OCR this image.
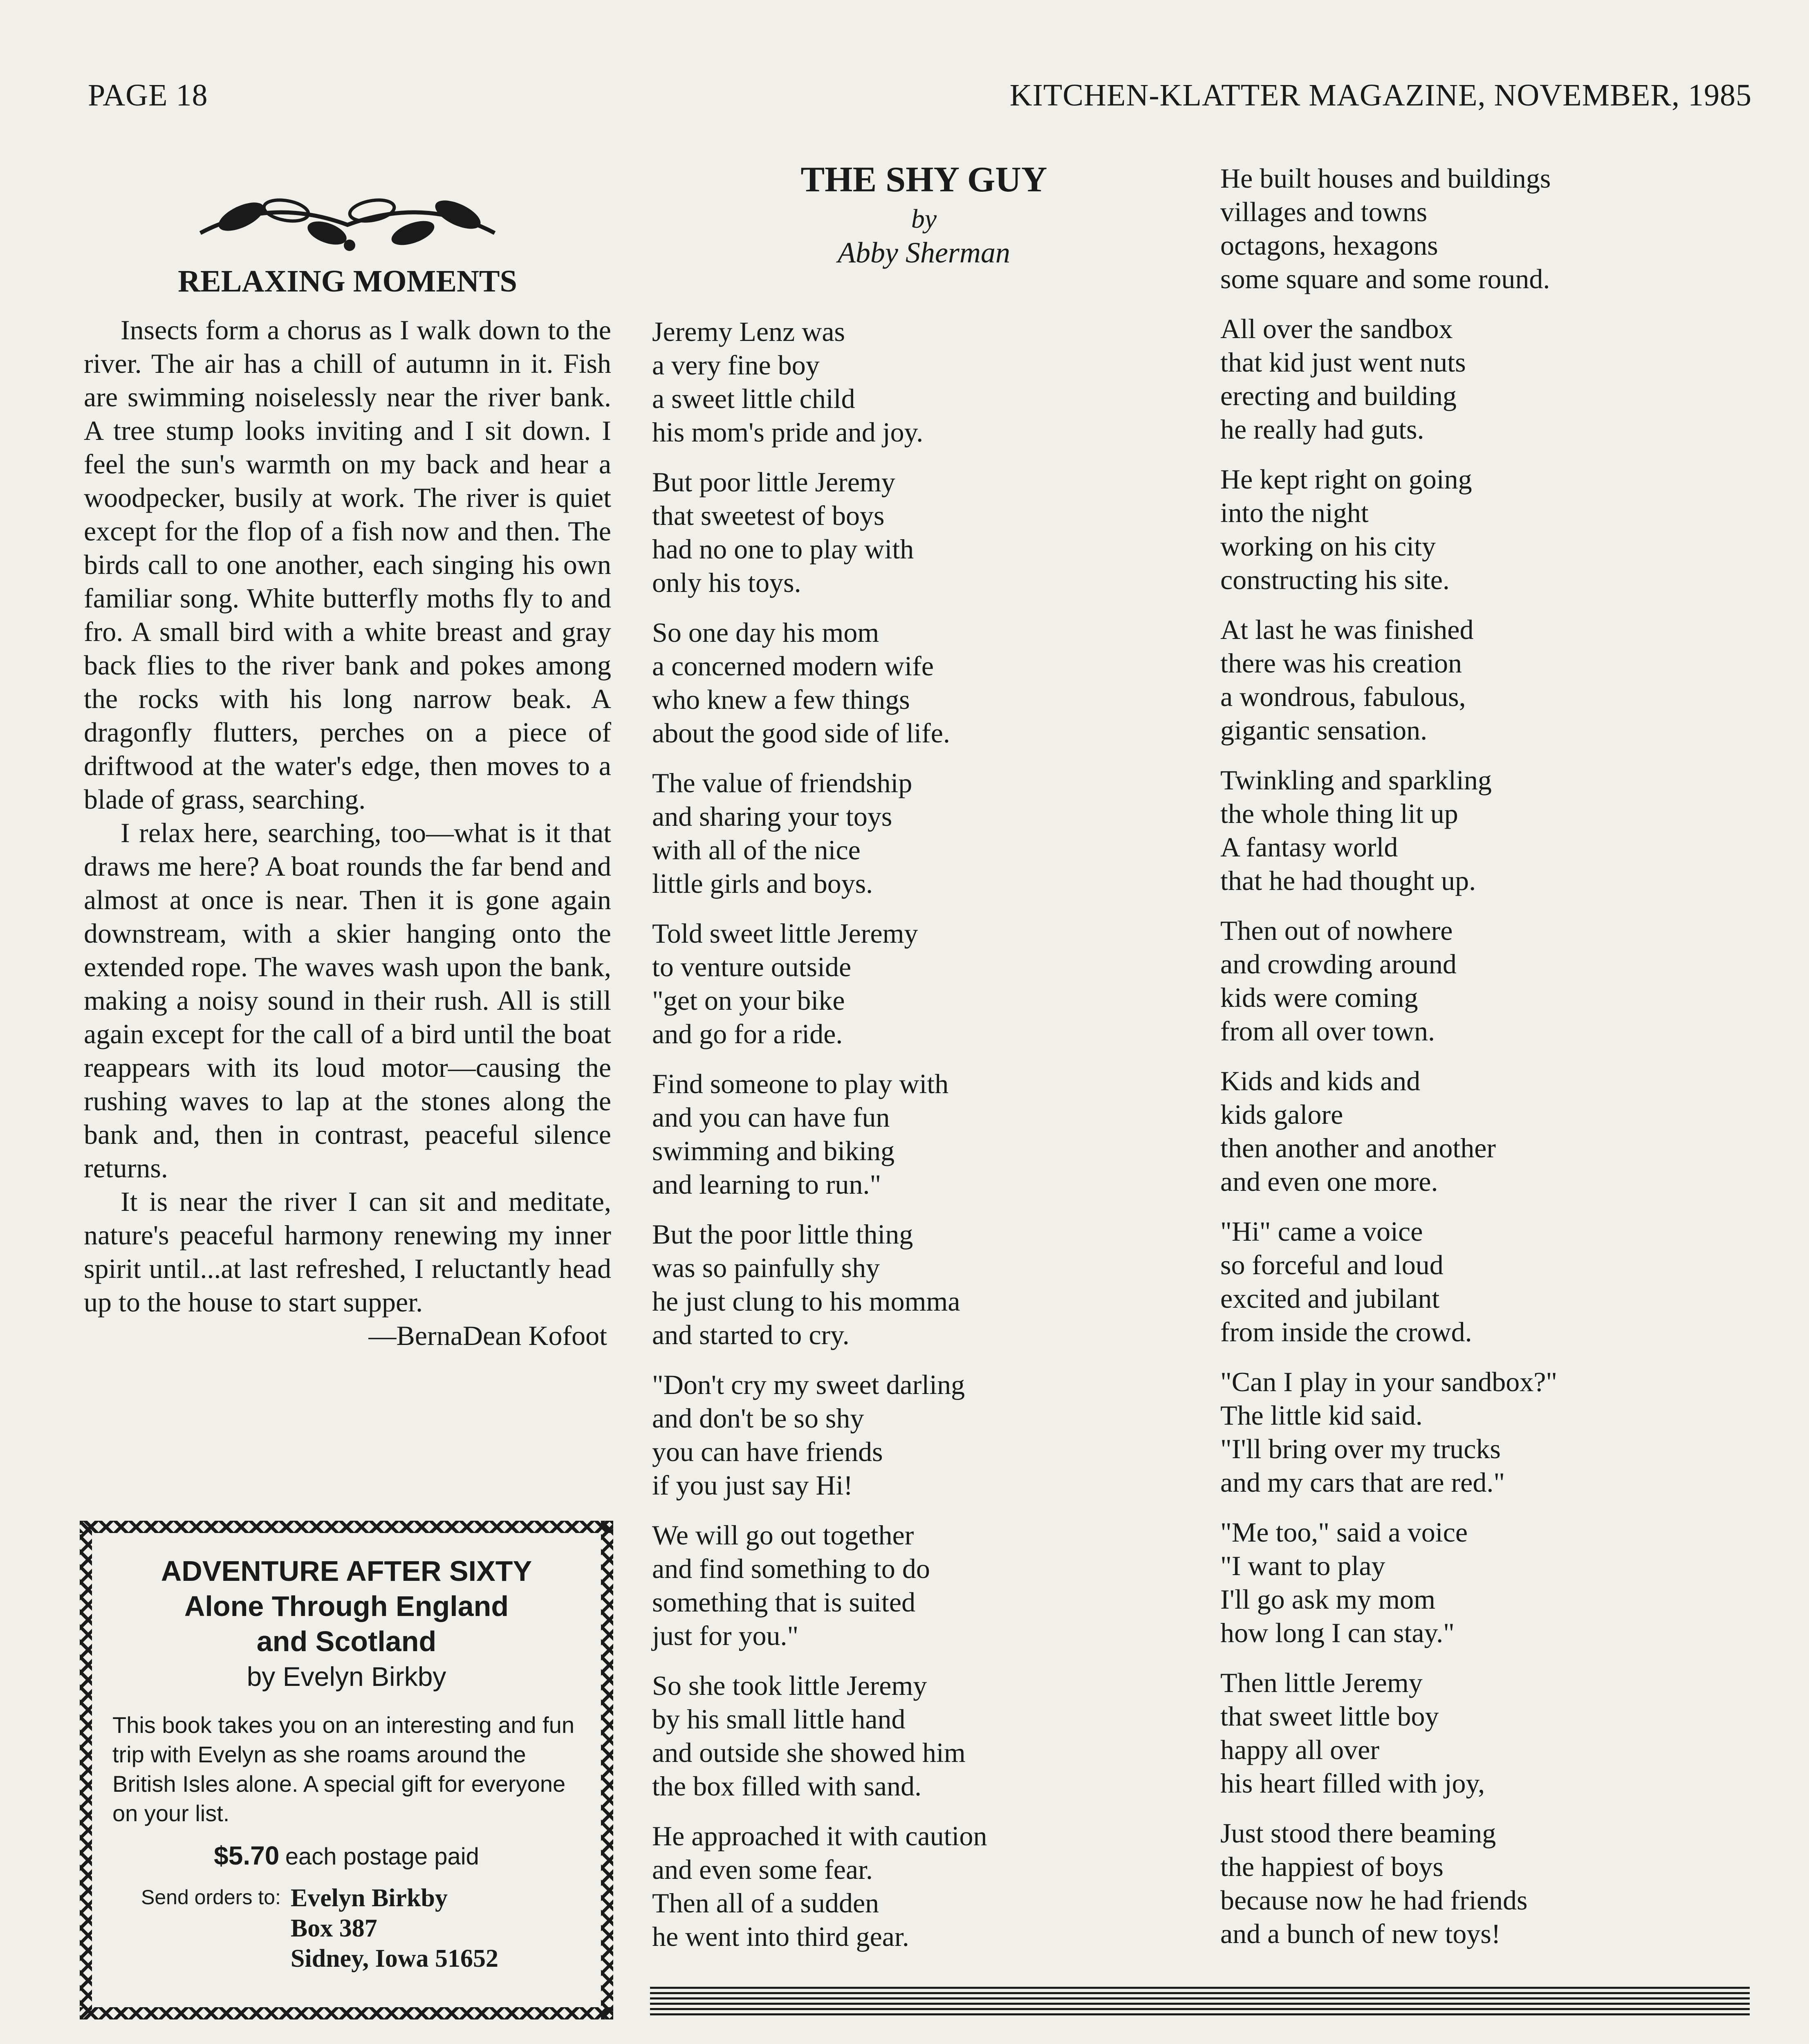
PAGE 18	KITCHEN-KLATTER MAGAZINE, NOVEMBER, 1985
RELAXING MOMENTS

Insects form a chorus as I walk down to the river. The air has a chill of autumn in it. Fish are swimming noiselessly near the river bank. A tree stump looks inviting and I sit down. I feel the sun's warmth on my back and hear a woodpecker, busily at work. The river is quiet except for the flop of a fish now and then. The birds call to one another, each singing his own familiar song. White butterfly moths fly to and fro. A small bird with a white breast and gray back flies to the river bank and pokes among the rocks with his long narrow beak. A dragonfly flutters, perches on a piece of driftwood at the water's edge, then moves to a blade of grass, searching.

I relax here, searching, too—what is it that draws me here? A boat rounds the far bend and almost at once is near. Then it is gone again downstream, with a skier hanging onto the extended rope. The waves wash upon the bank, making a noisy sound in their rush. All is still again except for the call of a bird until the boat reappears with its loud motor—causing the rushing waves to lap at the stones along the bank and, then in contrast, peaceful silence returns.

It is near the river I can sit and meditate, nature's peaceful harmony renewing my inner spirit until...at last refreshed, I reluctantly head up to the house to start supper.

—BernaDean Kofoot
ADVENTURE AFTER SIXTY
Alone Through England
and Scotland
by Evelyn Birkby
This book takes you on an interesting and fun trip with Evelyn as she roams around the British Isles alone. A special gift for everyone on your list.
$5.70 each postage paid
Send orders to: Evelyn Birkby
Box 387
Sidney, Iowa 51652
THE SHY GUY
by
Abby Sherman

Jeremy Lenz was
a very fine boy
a sweet little child
his mom's pride and joy.

But poor little Jeremy
that sweetest of boys
had no one to play with
only his toys.

So one day his mom
a concerned modern wife
who knew a few things
about the good side of life.

The value of friendship
and sharing your toys
with all of the nice
little girls and boys.

Told sweet little Jeremy
to venture outside
"get on your bike
and go for a ride.

Find someone to play with
and you can have fun
swimming and biking
and learning to run."

But the poor little thing
was so painfully shy
he just clung to his momma
and started to cry.

"Don't cry my sweet darling
and don't be so shy
you can have friends
if you just say Hi!

We will go out together
and find something to do
something that is suited
just for you."

So she took little Jeremy
by his small little hand
and outside she showed him
the box filled with sand.

He approached it with caution
and even some fear.
Then all of a sudden
he went into third gear.

He built houses and buildings
villages and towns
octagons, hexagons
some square and some round.

All over the sandbox
that kid just went nuts
erecting and building
he really had guts.

He kept right on going
into the night
working on his city
constructing his site.

At last he was finished
there was his creation
a wondrous, fabulous,
gigantic sensation.

Twinkling and sparkling
the whole thing lit up
A fantasy world
that he had thought up.

Then out of nowhere
and crowding around
kids were coming
from all over town.

Kids and kids and
kids galore
then another and another
and even one more.

"Hi" came a voice
so forceful and loud
excited and jubilant
from inside the crowd.

"Can I play in your sandbox?"
The little kid said.
"I'll bring over my trucks
and my cars that are red."

"Me too," said a voice
"I want to play
I'll go ask my mom
how long I can stay."

Then little Jeremy
that sweet little boy
happy all over
his heart filled with joy,

Just stood there beaming
the happiest of boys
because now he had friends
and a bunch of new toys!
